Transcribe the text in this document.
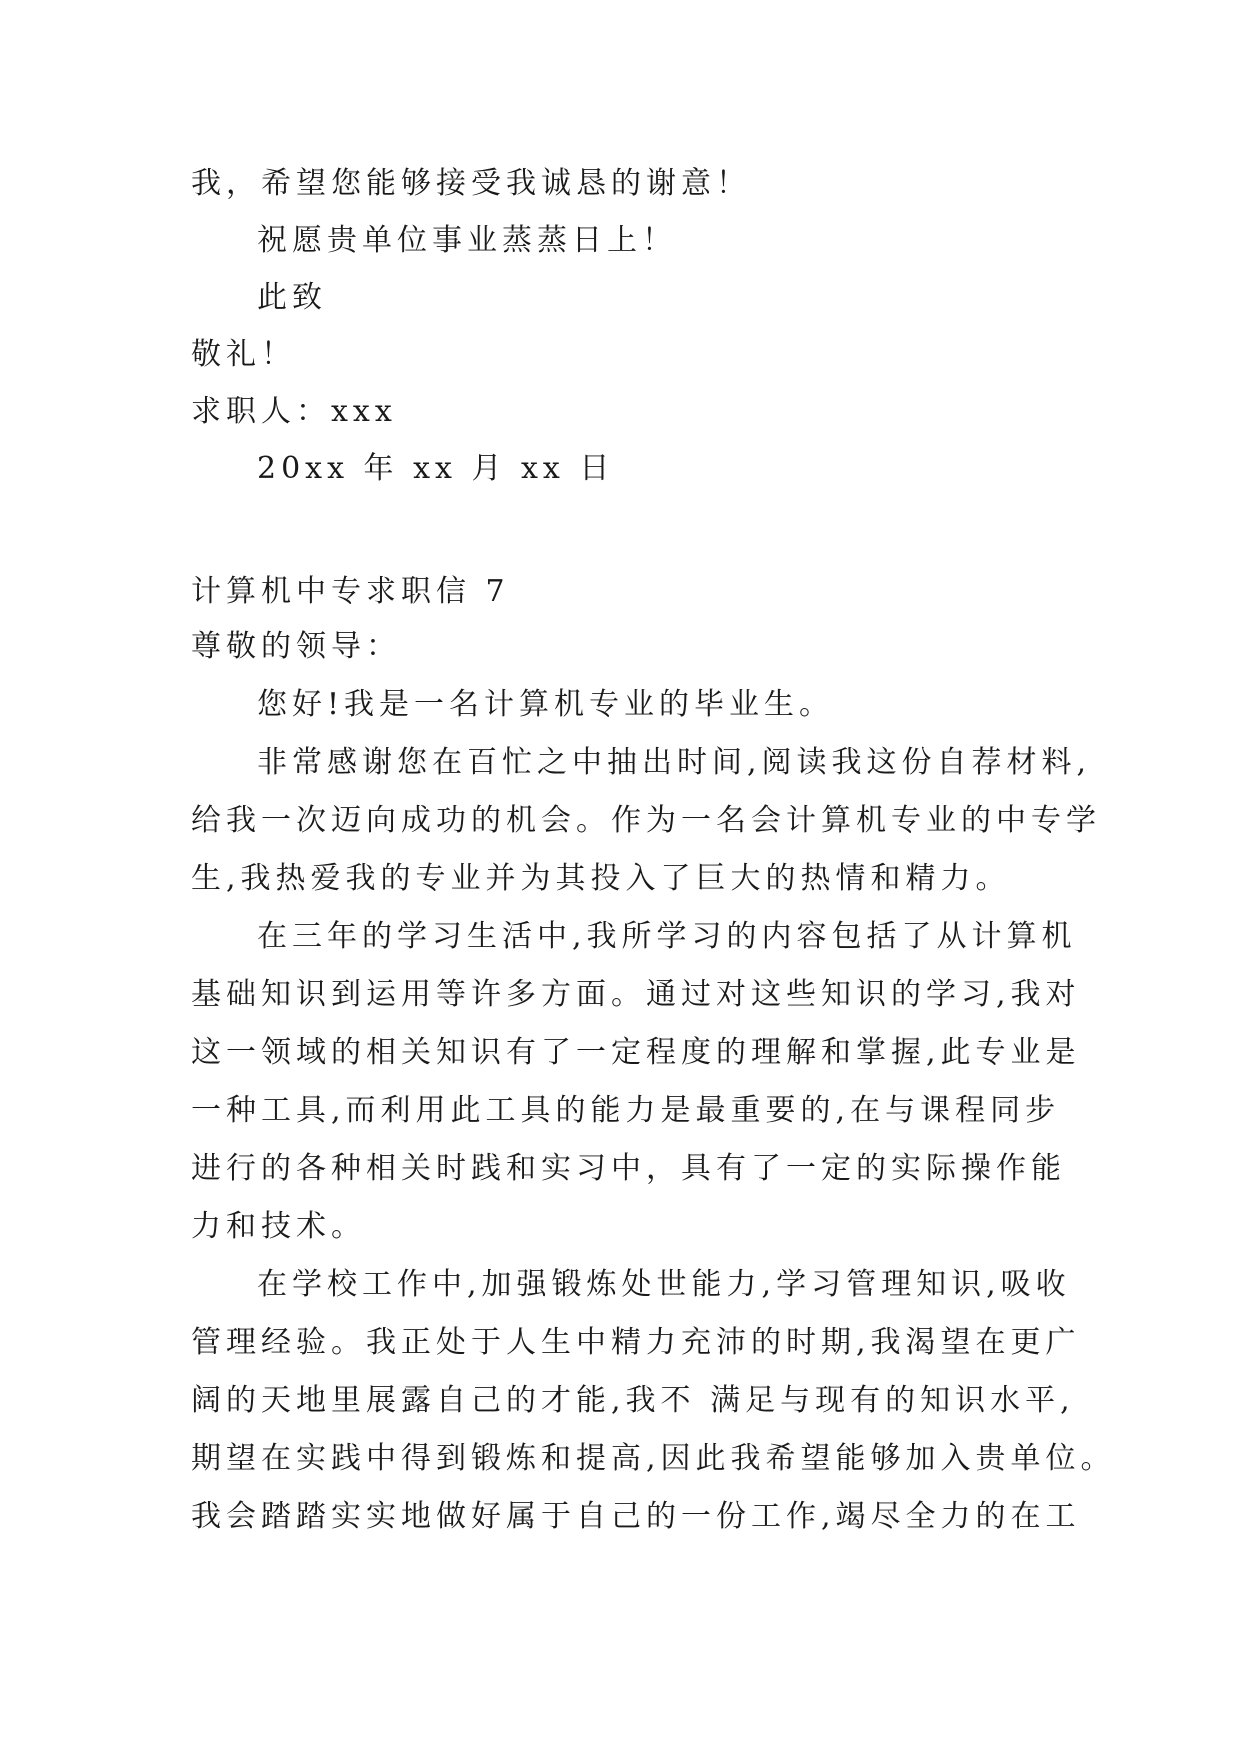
我，希望您能够接受我诚恳的谢意！
祝愿贵单位事业蒸蒸日上！
此致
敬礼！
求职人：xxx
20xx 年 xx 月 xx 日
计算机中专求职信 7
尊敬的领导：
您好!我是一名计算机专业的毕业生。
非常感谢您在百忙之中抽出时间,阅读我这份自荐材料,
给我一次迈向成功的机会。作为一名会计算机专业的中专学
生,我热爱我的专业并为其投入了巨大的热情和精力。
在三年的学习生活中,我所学习的内容包括了从计算机
基础知识到运用等许多方面。通过对这些知识的学习,我对
这一领域的相关知识有了一定程度的理解和掌握,此专业是
一种工具,而利用此工具的能力是最重要的,在与课程同步
进行的各种相关时践和实习中，具有了一定的实际操作能
力和技术。
在学校工作中,加强锻炼处世能力,学习管理知识,吸收
管理经验。我正处于人生中精力充沛的时期,我渴望在更广
阔的天地里展露自己的才能,我不 满足与现有的知识水平,
期望在实践中得到锻炼和提高,因此我希望能够加入贵单位。
我会踏踏实实地做好属于自己的一份工作,竭尽全力的在工
